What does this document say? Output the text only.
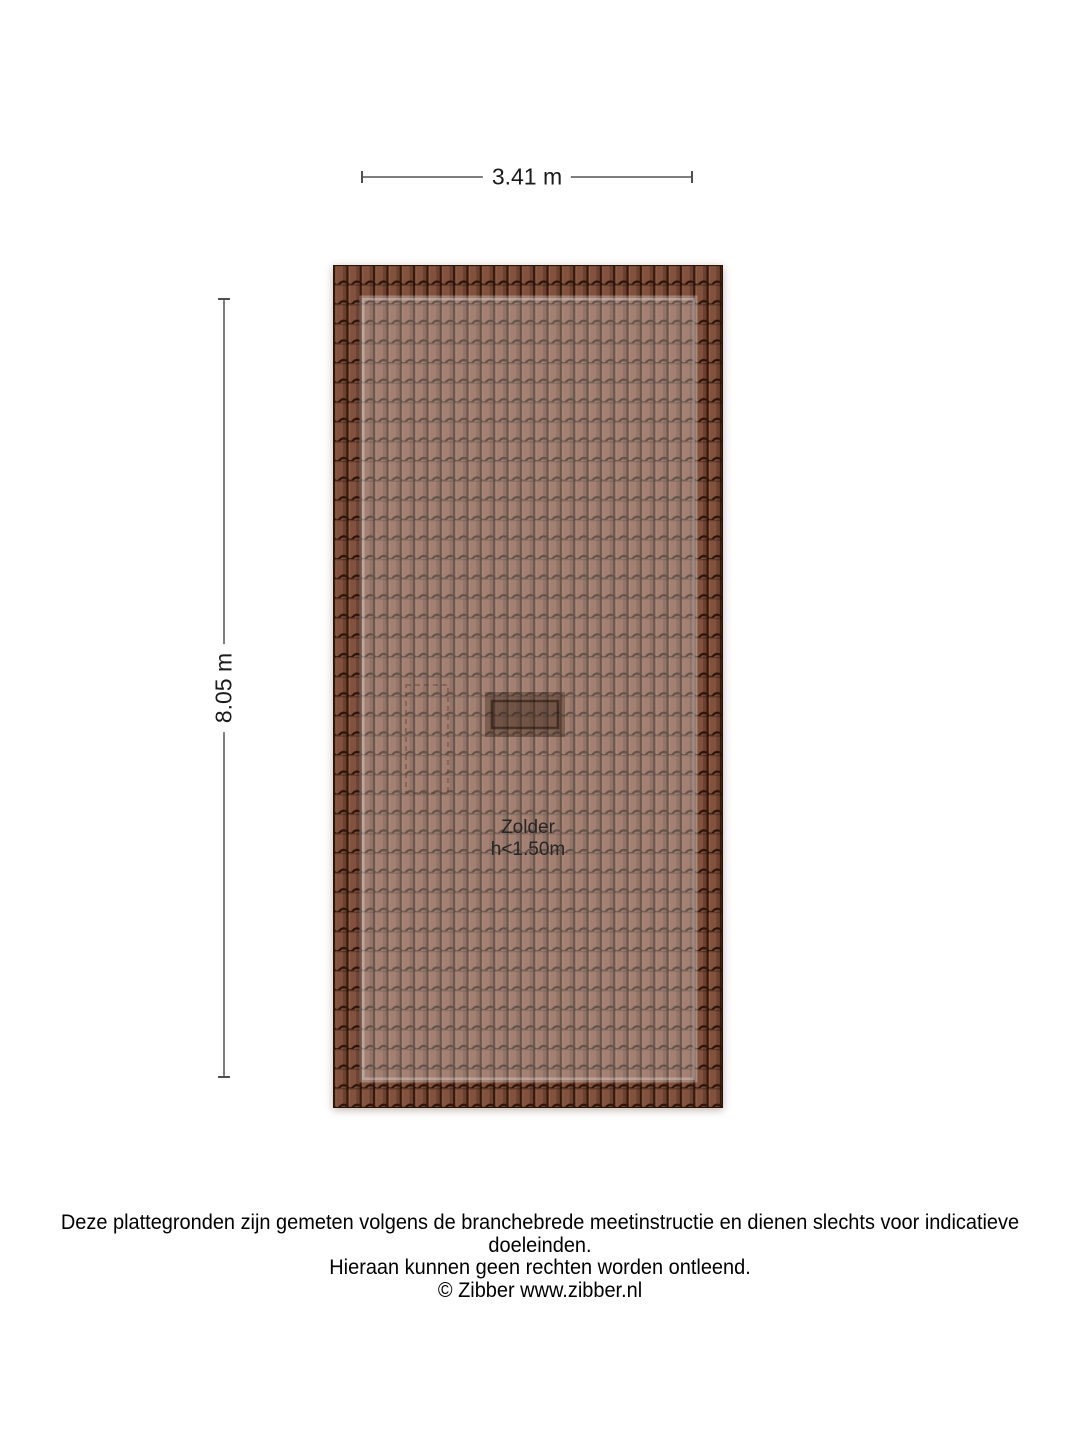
3.41 m
8.05 m
Zolder
h<1.50m
Deze plattegronden zijn gemeten volgens de branchebrede meetinstructie en dienen slechts voor indicatieve doeleinden.
Hieraan kunnen geen rechten worden ontleend.
© Zibber www.zibber.nl
